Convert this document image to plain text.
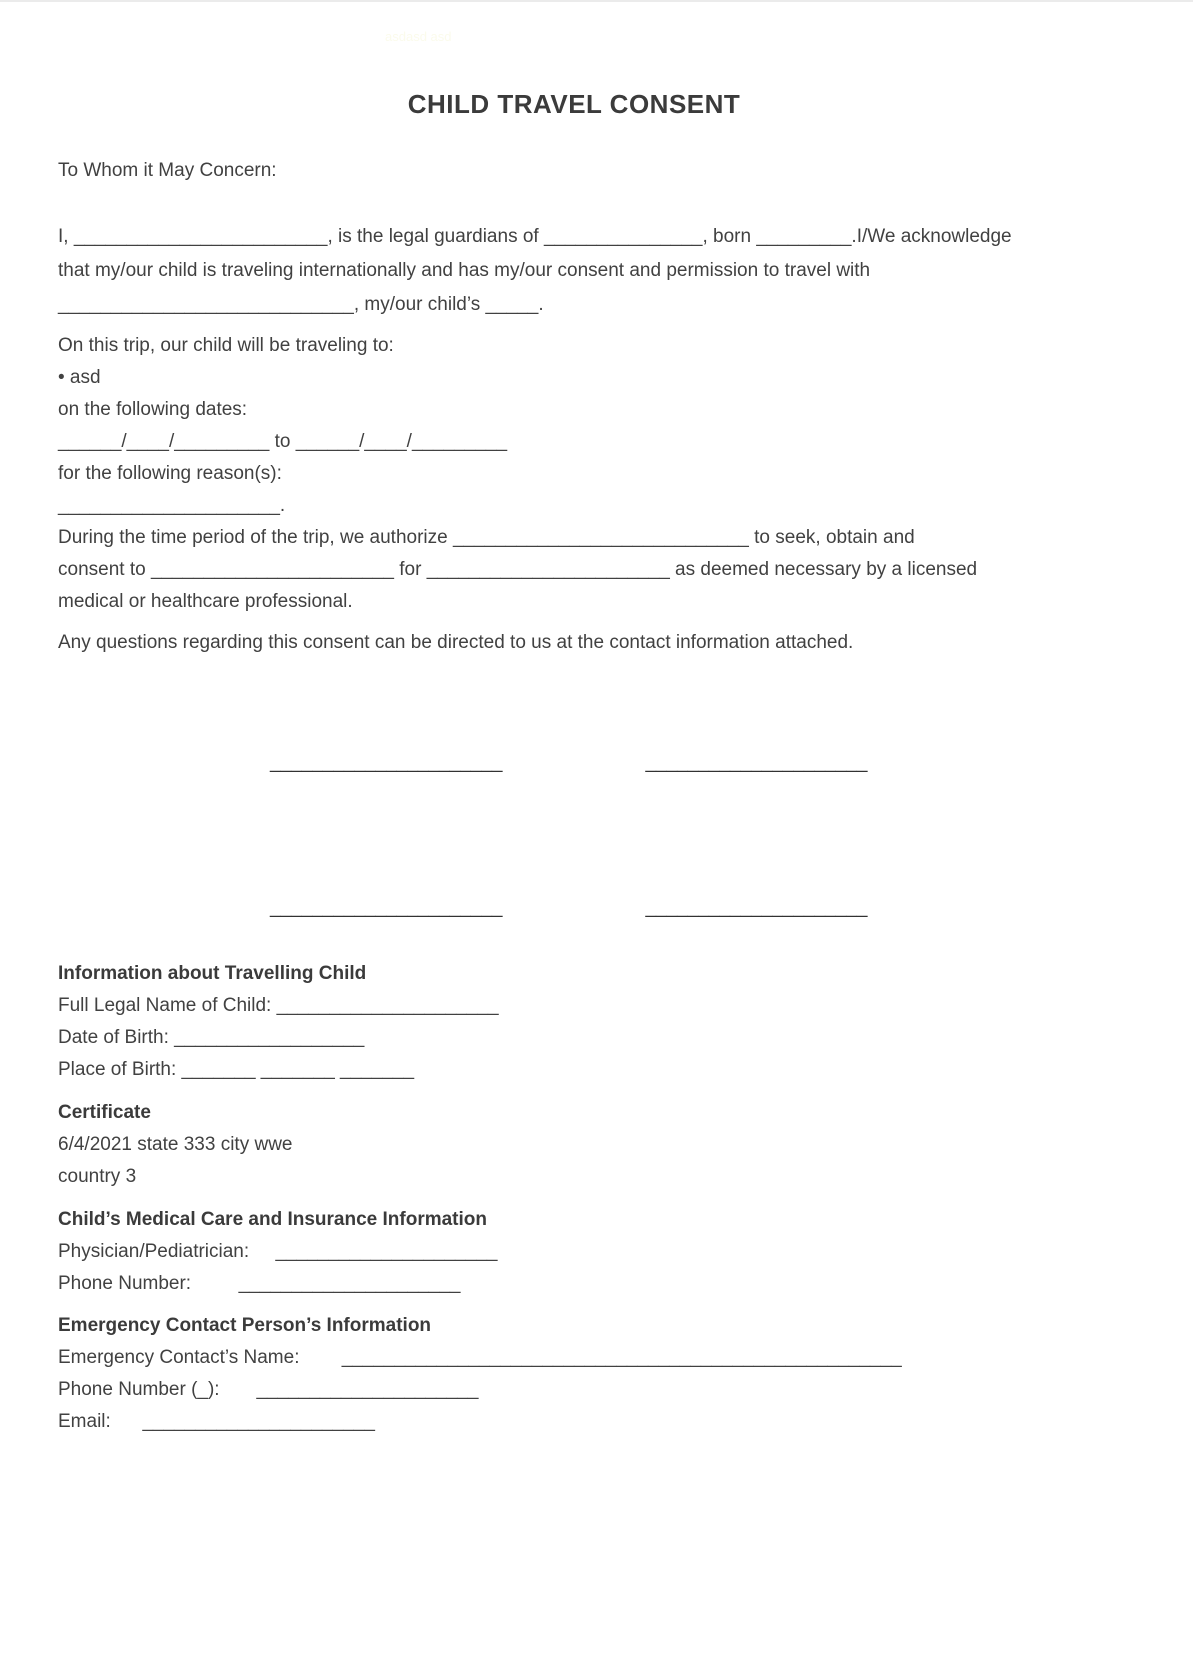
asdasd asd
CHILD TRAVEL CONSENT
To Whom it May Concern:
I, ________________________, is the legal guardians of _______________, born _________.I/We acknowledge
that my/our child is traveling internationally and has my/our consent and permission to travel with
____________________________, my/our child’s _____.
On this trip, our child will be traveling to:
• asd
on the following dates:
______/____/_________ to ______/____/_________
for the following reason(s):
_____________________.
During the time period of the trip, we authorize ____________________________ to seek, obtain and
consent to _______________________ for _______________________ as deemed necessary by a licensed
medical or healthcare professional.
Any questions regarding this consent can be directed to us at the contact information attached.
______________________	_____________________
______________________	_____________________
Information about Travelling Child
Full Legal Name of Child: _____________________
Date of Birth: __________________
Place of Birth: _______ _______ _______
Certificate
6/4/2021 state 333 city wwe
country 3
Child’s Medical Care and Insurance Information
Physician/Pediatrician:     _____________________
Phone Number:         _____________________
Emergency Contact Person’s Information
Emergency Contact’s Name:        _____________________________________________________
Phone Number (_):       _____________________
Email:      ______________________
